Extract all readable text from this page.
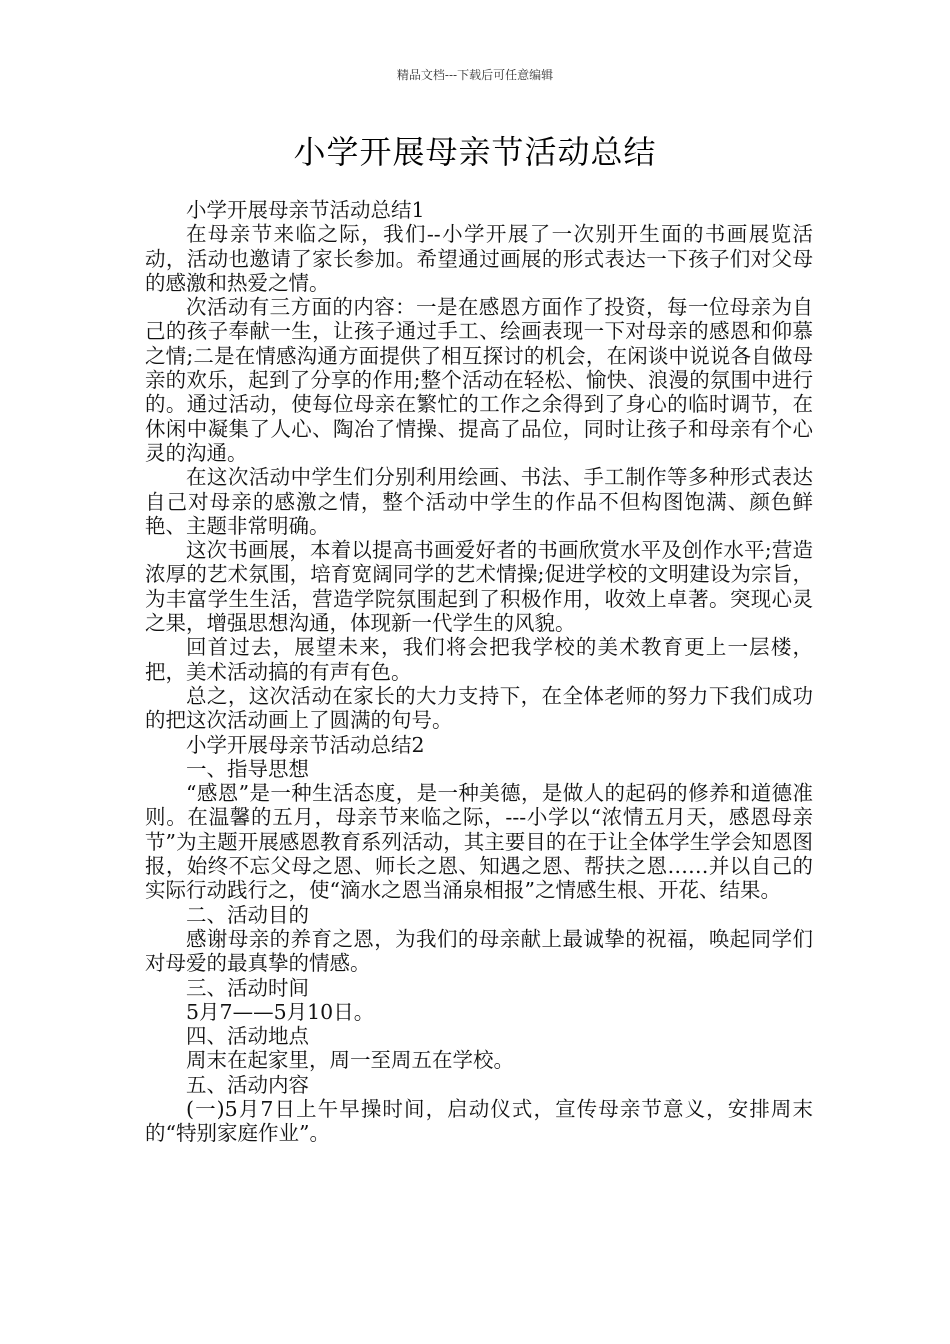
精品文档---下载后可任意编辑
小学开展母亲节活动总结

小学开展母亲节活动总结1

在母亲节来临之际，我们--小学开展了一次别开生面的书画展览活动，活动也邀请了家长参加。希望通过画展的形式表达一下孩子们对父母的感激和热爱之情。

次活动有三方面的内容：一是在感恩方面作了投资，每一位母亲为自己的孩子奉献一生，让孩子通过手工、绘画表现一下对母亲的感恩和仰慕之情;二是在情感沟通方面提供了相互探讨的机会，在闲谈中说说各自做母亲的欢乐，起到了分享的作用;整个活动在轻松、愉快、浪漫的氛围中进行的。通过活动，使每位母亲在繁忙的工作之余得到了身心的临时调节，在休闲中凝集了人心、陶冶了情操、提高了品位，同时让孩子和母亲有个心灵的沟通。

在这次活动中学生们分别利用绘画、书法、手工制作等多种形式表达自己对母亲的感激之情，整个活动中学生的作品不但构图饱满、颜色鲜艳、主题非常明确。

这次书画展，本着以提高书画爱好者的书画欣赏水平及创作水平;营造浓厚的艺术氛围，培育宽阔同学的艺术情操;促进学校的文明建设为宗旨，为丰富学生生活，营造学院氛围起到了积极作用，收效上卓著。突现心灵之果，增强思想沟通，体现新一代学生的风貌。

回首过去，展望未来，我们将会把我学校的美术教育更上一层楼，把，美术活动搞的有声有色。

总之，这次活动在家长的大力支持下，在全体老师的努力下我们成功的把这次活动画上了圆满的句号。

小学开展母亲节活动总结2

一、指导思想

“感恩”是一种生活态度，是一种美德，是做人的起码的修养和道德准则。在温馨的五月，母亲节来临之际，---小学以“浓情五月天，感恩母亲节”为主题开展感恩教育系列活动，其主要目的在于让全体学生学会知恩图报，始终不忘父母之恩、师长之恩、知遇之恩、帮扶之恩……并以自己的实际行动践行之，使“滴水之恩当涌泉相报”之情感生根、开花、结果。

二、活动目的

感谢母亲的养育之恩，为我们的母亲献上最诚挚的祝福，唤起同学们对母爱的最真挚的情感。

三、活动时间

5月7——5月10日。

四、活动地点

周末在起家里，周一至周五在学校。

五、活动内容

(一)5月7日上午早操时间，启动仪式，宣传母亲节意义，安排周末的“特别家庭作业”。
